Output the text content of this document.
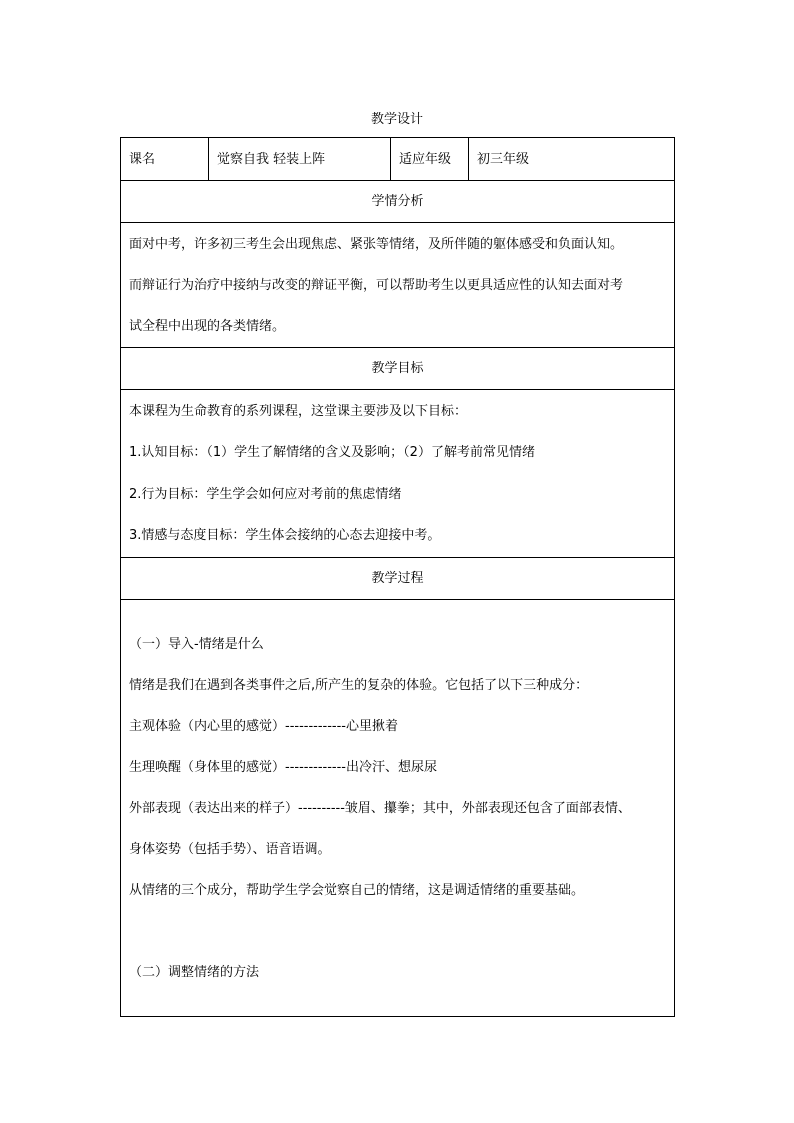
教学设计
课名	觉察自我 轻装上阵	适应年级	初三年级
学情分析

面对中考，许多初三考生会出现焦虑、紧张等情绪，及所伴随的躯体感受和负面认知。

而辩证行为治疗中接纳与改变的辩证平衡，可以帮助考生以更具适应性的认知去面对考

试全程中出现的各类情绪。

教学目标

本课程为生命教育的系列课程，这堂课主要涉及以下目标：

1.认知目标：（1）学生了解情绪的含义及影响；（2）了解考前常见情绪

2.行为目标：学生学会如何应对考前的焦虑情绪

3.情感与态度目标：学生体会接纳的心态去迎接中考。

教学过程

（一）导入-情绪是什么

情绪是我们在遇到各类事件之后,所产生的复杂的体验。它包括了以下三种成分：

主观体验（内心里的感觉）-------------心里揪着

生理唤醒（身体里的感觉）-------------出冷汗、想尿尿

外部表现（表达出来的样子）----------皱眉、攥拳；其中，外部表现还包含了面部表情、

身体姿势（包括手势）、语音语调。

从情绪的三个成分，帮助学生学会觉察自己的情绪，这是调适情绪的重要基础。

（二）调整情绪的方法
